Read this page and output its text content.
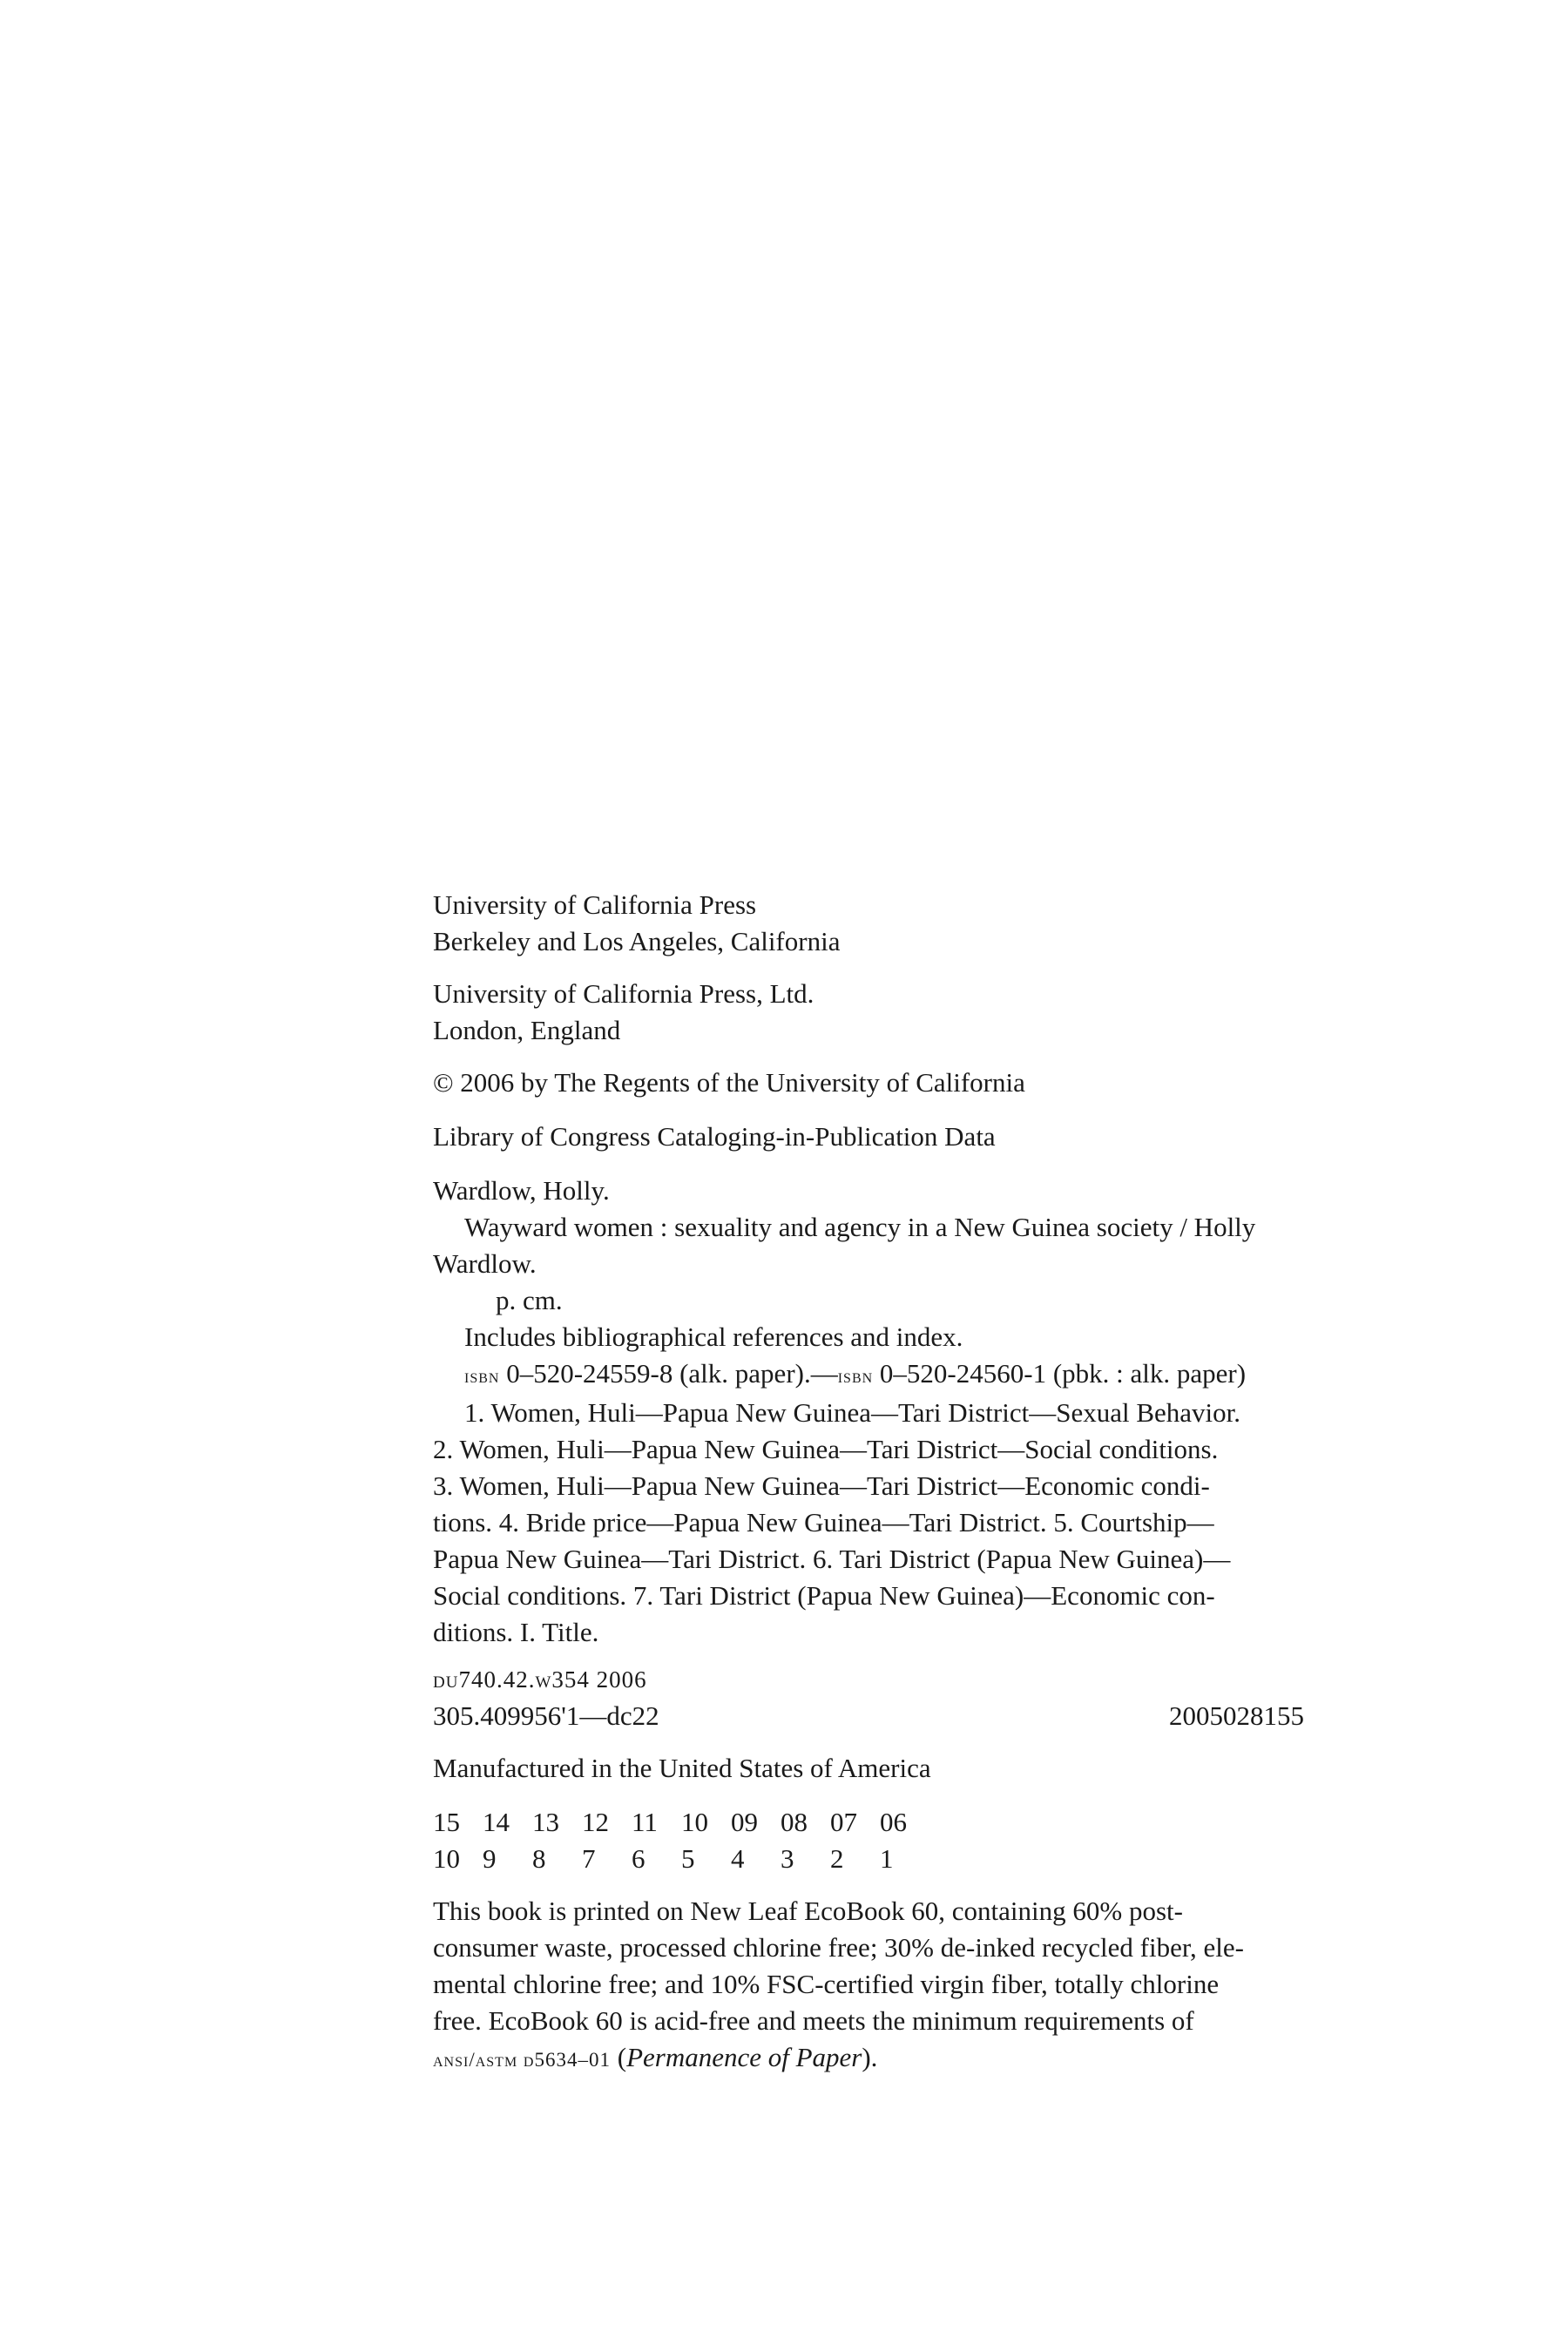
University of California Press
Berkeley and Los Angeles, California
University of California Press, Ltd.
London, England
© 2006 by The Regents of the University of California
Library of Congress Cataloging-in-Publication Data
Wardlow, Holly.
Wayward women : sexuality and agency in a New Guinea society / Holly
Wardlow.
p. cm.
Includes bibliographical references and index.
isbn 0–520-24559-8 (alk. paper).—isbn 0–520-24560-1 (pbk. : alk. paper)
1. Women, Huli—Papua New Guinea—Tari District—Sexual Behavior.
2. Women, Huli—Papua New Guinea—Tari District—Social conditions.
3. Women, Huli—Papua New Guinea—Tari District—Economic condi-
tions. 4. Bride price—Papua New Guinea—Tari District. 5. Courtship—
Papua New Guinea—Tari District. 6. Tari District (Papua New Guinea)—
Social conditions. 7. Tari District (Papua New Guinea)—Economic con-
ditions. I. Title.
du740.42.w354 2006
305.409956'1—dc22	2005028155
Manufactured in the United States of America
15 14 13 12 11 10 09 08 07 06
10 9	8	7	6	5	4	3	2	1
This book is printed on New Leaf EcoBook 60, containing 60% post-
consumer waste, processed chlorine free; 30% de-inked recycled fiber, ele-
mental chlorine free; and 10% FSC-certified virgin fiber, totally chlorine
free. EcoBook 60 is acid-free and meets the minimum requirements of
ansi/astm d5634–01 (Permanence of Paper).
